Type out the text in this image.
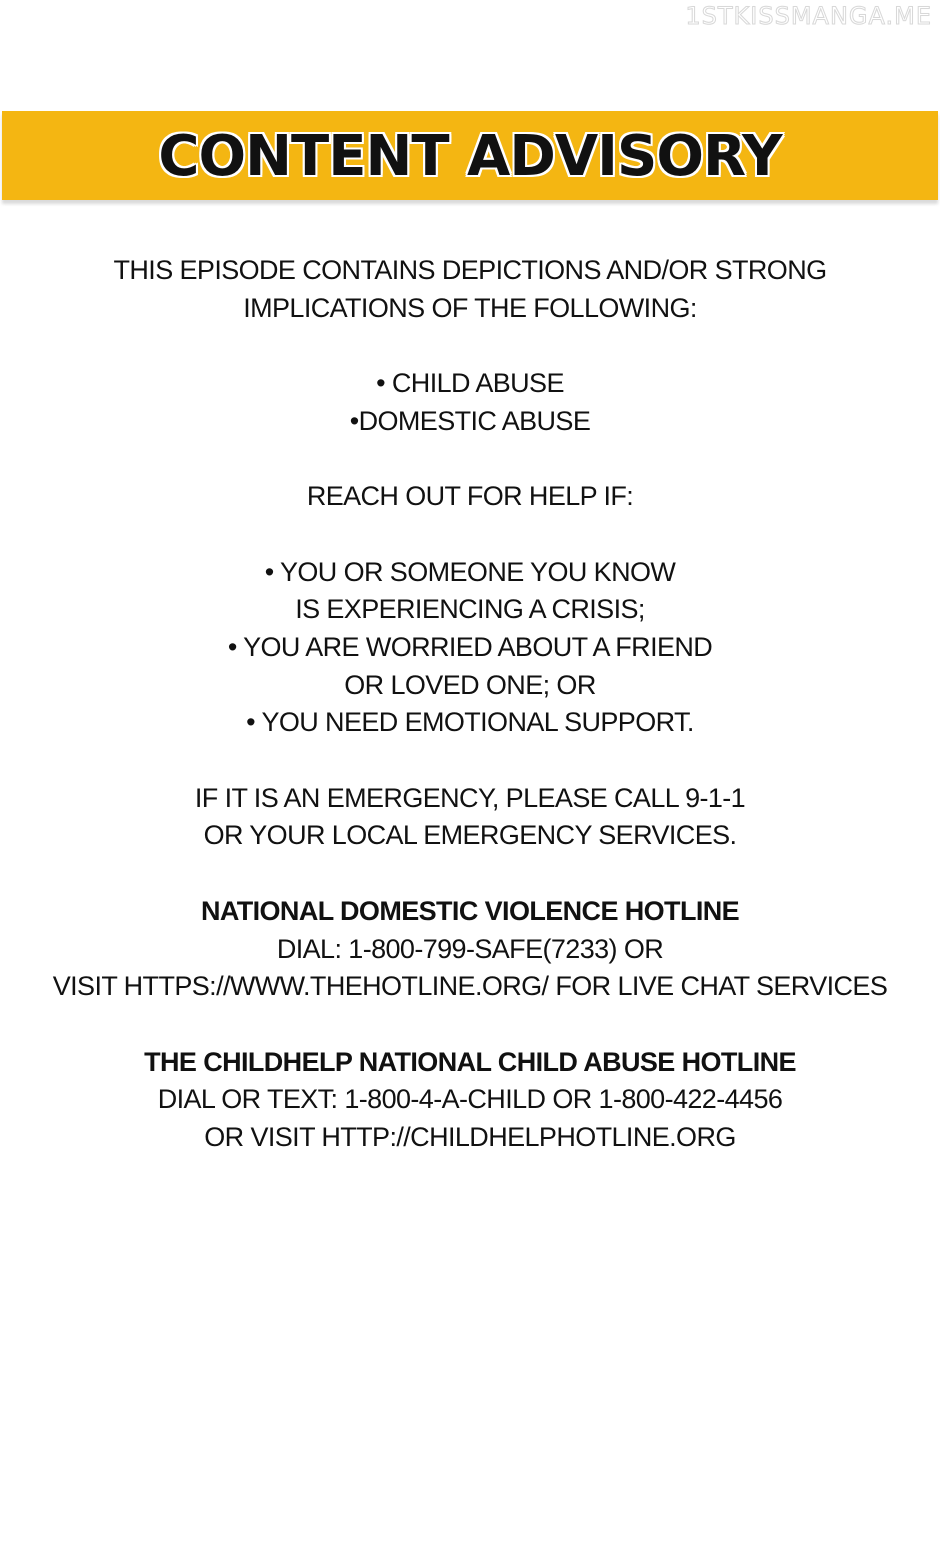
1STKISSMANGA.ME
CONTENT ADVISORY
THIS EPISODE CONTAINS DEPICTIONS AND/OR STRONG
IMPLICATIONS OF THE FOLLOWING:
• CHILD ABUSE
•DOMESTIC ABUSE
REACH OUT FOR HELP IF:
• YOU OR SOMEONE YOU KNOW
IS EXPERIENCING A CRISIS;
• YOU ARE WORRIED ABOUT A FRIEND
OR LOVED ONE; OR
• YOU NEED EMOTIONAL SUPPORT.
IF IT IS AN EMERGENCY, PLEASE CALL 9-1-1
OR YOUR LOCAL EMERGENCY SERVICES.
NATIONAL DOMESTIC VIOLENCE HOTLINE
DIAL: 1-800-799-SAFE(7233) OR
VISIT HTTPS://WWW.THEHOTLINE.ORG/ FOR LIVE CHAT SERVICES
THE CHILDHELP NATIONAL CHILD ABUSE HOTLINE
DIAL OR TEXT: 1-800-4-A-CHILD OR 1-800-422-4456
OR VISIT HTTP://CHILDHELPHOTLINE.ORG
